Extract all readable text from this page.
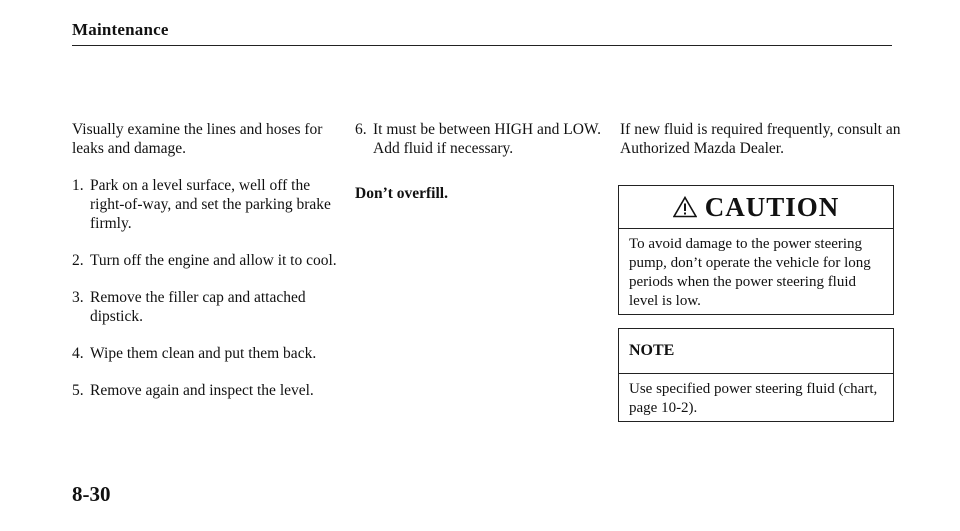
Maintenance

Visually examine the lines and hoses for leaks and damage.

1. Park on a level surface, well off the right-of-way, and set the parking brake firmly.
2. Turn off the engine and allow it to cool.
3. Remove the filler cap and attached dipstick.
4. Wipe them clean and put them back.
5. Remove again and inspect the level.
6. It must be between HIGH and LOW. Add fluid if necessary.

Don’t overfill.

If new fluid is required frequently, consult an Authorized Mazda Dealer.

CAUTION
To avoid damage to the power steering pump, don’t operate the vehicle for long periods when the power steering fluid level is low.
NOTE
Use specified power steering fluid (chart, page 10-2).
8-30
